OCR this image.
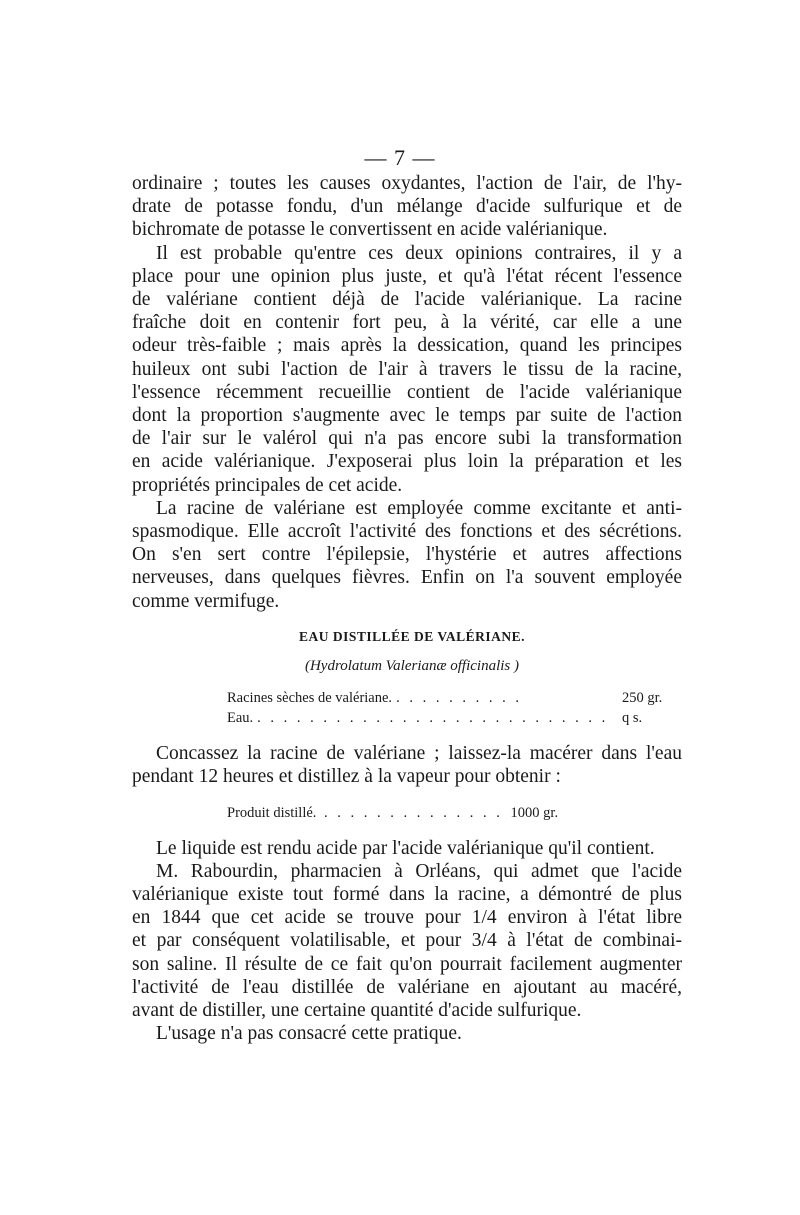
— 7 —
ordinaire ; toutes les causes oxydantes, l'action de l'air, de l'hy-
drate de potasse fondu, d'un mélange d'acide sulfurique et de
bichromate de potasse le convertissent en acide valérianique.
Il est probable qu'entre ces deux opinions contraires, il y a
place pour une opinion plus juste, et qu'à l'état récent l'essence
de valériane contient déjà de l'acide valérianique. La racine
fraîche doit en contenir fort peu, à la vérité, car elle a une
odeur très-faible ; mais après la dessication, quand les principes
huileux ont subi l'action de l'air à travers le tissu de la racine,
l'essence récemment recueillie contient de l'acide valérianique
dont la proportion s'augmente avec le temps par suite de l'action
de l'air sur le valérol qui n'a pas encore subi la transformation
en acide valérianique. J'exposerai plus loin la préparation et les
propriétés principales de cet acide.
La racine de valériane est employée comme excitante et anti-
spasmodique. Elle accroît l'activité des fonctions et des sécrétions.
On s'en sert contre l'épilepsie, l'hystérie et autres affections
nerveuses, dans quelques fièvres. Enfin on l'a souvent employée
comme vermifuge.
EAU DISTILLÉE DE VALÉRIANE.
(Hydrolatum Valerianæ officinalis )
Racines sèches de valériane. . . . . . . . . . .	250 gr.
Eau. . . . . . . . . . . . . . . . . . . . . . . . . . . . q s.
Concassez la racine de valériane ; laissez-la macérer dans l'eau
pendant 12 heures et distillez à la vapeur pour obtenir :
Produit distillé. . . . . . . . . . . . . . . 1000 gr.
Le liquide est rendu acide par l'acide valérianique qu'il contient.
M. Rabourdin, pharmacien à Orléans, qui admet que l'acide
valérianique existe tout formé dans la racine, a démontré de plus
en 1844 que cet acide se trouve pour 1/4 environ à l'état libre
et par conséquent volatilisable, et pour 3/4 à l'état de combinai-
son saline. Il résulte de ce fait qu'on pourrait facilement augmenter
l'activité de l'eau distillée de valériane en ajoutant au macéré,
avant de distiller, une certaine quantité d'acide sulfurique.
L'usage n'a pas consacré cette pratique.
